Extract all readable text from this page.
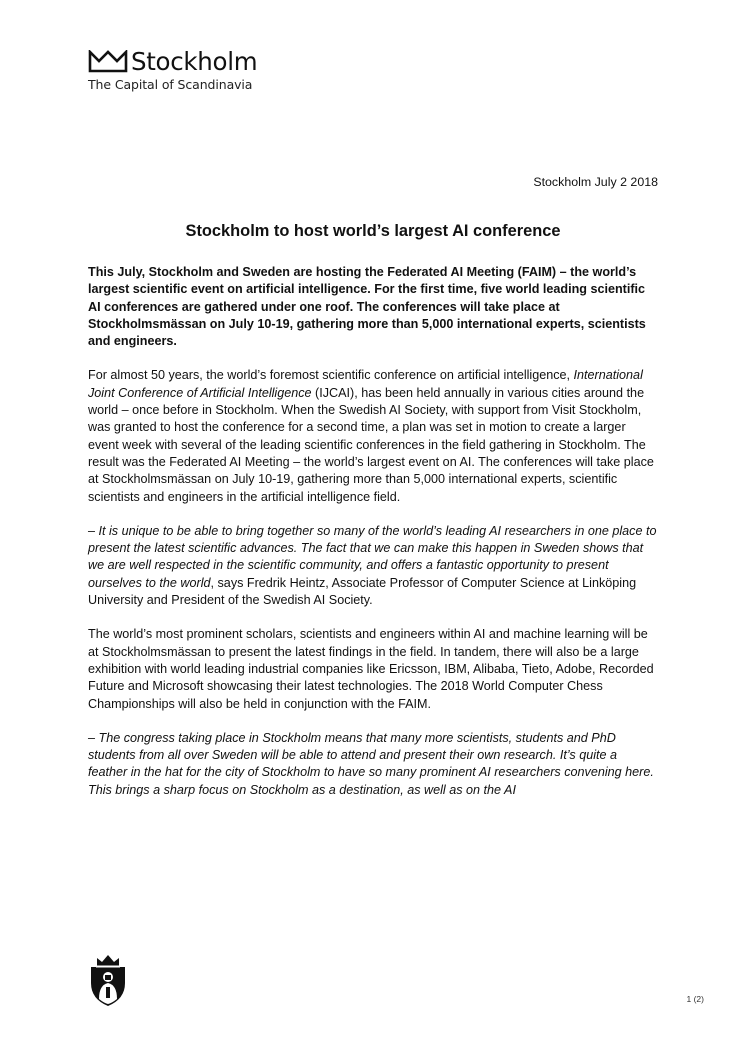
Stockholm
The Capital of Scandinavia
Stockholm July 2 2018
Stockholm to host world’s largest AI conference

This July, Stockholm and Sweden are hosting the Federated AI Meeting (FAIM) – the world’s largest scientific event on artificial intelligence. For the first time, five world leading scientific AI conferences are gathered under one roof. The conferences will take place at Stockholmsmässan on July 10-19, gathering more than 5,000 international experts, scientists and engineers.

For almost 50 years, the world’s foremost scientific conference on artificial intelligence, International Joint Conference of Artificial Intelligence (IJCAI), has been held annually in various cities around the world – once before in Stockholm. When the Swedish AI Society, with support from Visit Stockholm, was granted to host the conference for a second time, a plan was set in motion to create a larger event week with several of the leading scientific conferences in the field gathering in Stockholm. The result was the Federated AI Meeting – the world’s largest event on AI. The conferences will take place at Stockholmsmässan on July 10-19, gathering more than 5,000 international experts, scientific scientists and engineers in the artificial intelligence field.

– It is unique to be able to bring together so many of the world’s leading AI researchers in one place to present the latest scientific advances. The fact that we can make this happen in Sweden shows that we are well respected in the scientific community, and offers a fantastic opportunity to present ourselves to the world, says Fredrik Heintz, Associate Professor of Computer Science at Linköping University and President of the Swedish AI Society.

The world’s most prominent scholars, scientists and engineers within AI and machine learning will be at Stockholmsmässan to present the latest findings in the field. In tandem, there will also be a large exhibition with world leading industrial companies like Ericsson, IBM, Alibaba, Tieto, Adobe, Recorded Future and Microsoft showcasing their latest technologies. The 2018 World Computer Chess Championships will also be held in conjunction with the FAIM.

– The congress taking place in Stockholm means that many more scientists, students and PhD students from all over Sweden will be able to attend and present their own research. It’s quite a feather in the hat for the city of Stockholm to have so many prominent AI researchers convening here. This brings a sharp focus on Stockholm as a destination, as well as on the AI

1 (2)
